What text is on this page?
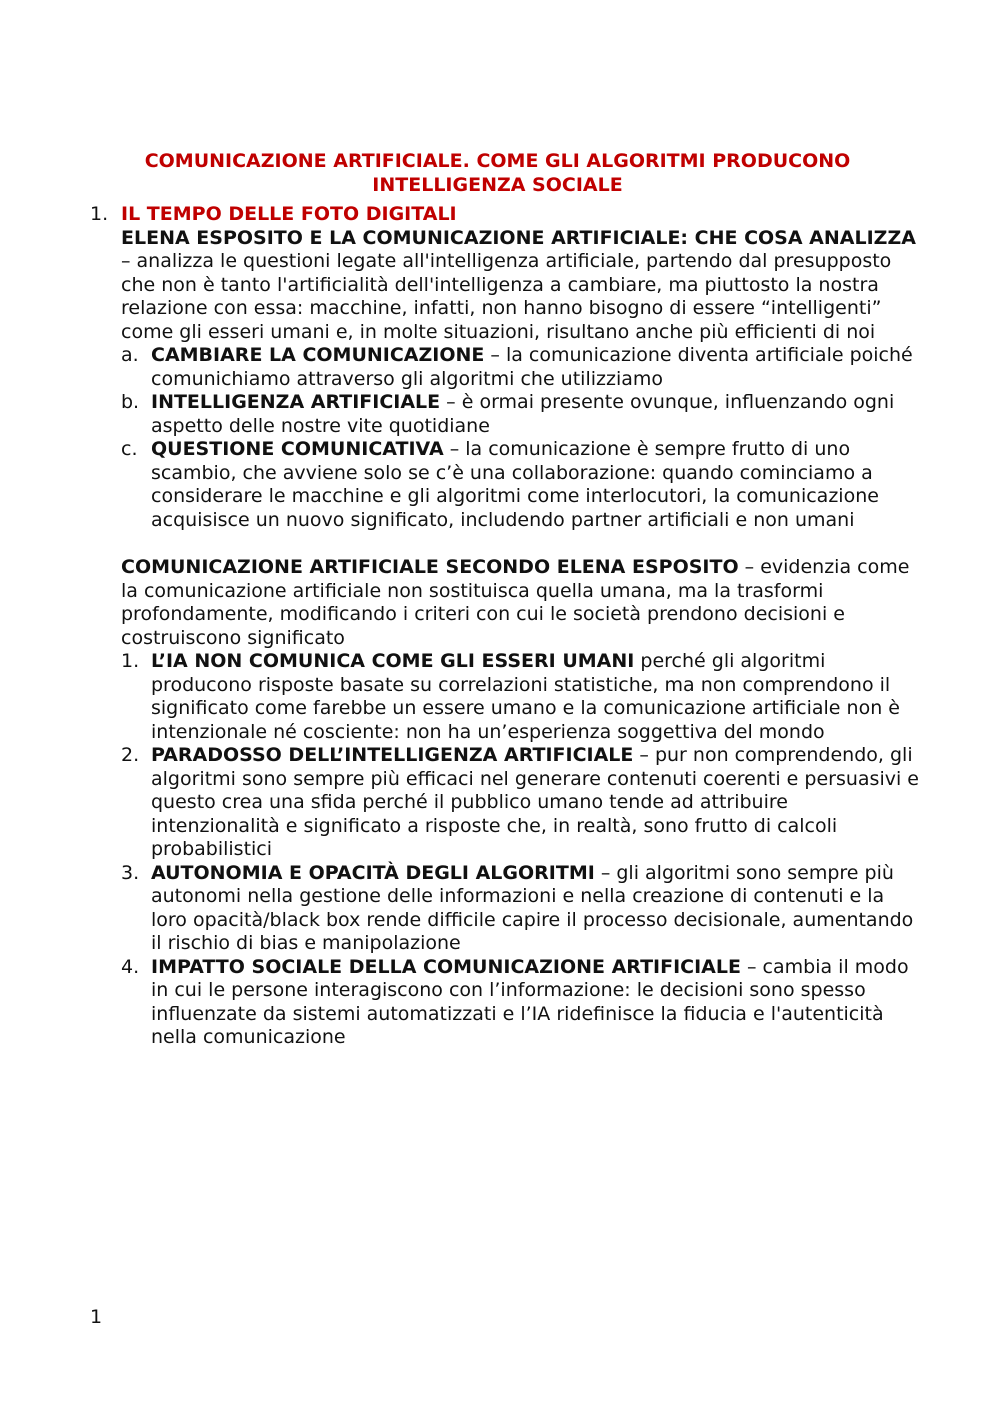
COMUNICAZIONE ARTIFICIALE. COME GLI ALGORITMI PRODUCONO INTELLIGENZA SOCIALE
1. IL TEMPO DELLE FOTO DIGITALI

ELENA ESPOSITO E LA COMUNICAZIONE ARTIFICIALE: CHE COSA ANALIZZA – analizza le questioni legate all'intelligenza artificiale, partendo dal presupposto che non è tanto l'artificialità dell'intelligenza a cambiare, ma piuttosto la nostra relazione con essa: macchine, infatti, non hanno bisogno di essere “intelligenti” come gli esseri umani e, in molte situazioni, risultano anche più efficienti di noi

a. CAMBIARE LA COMUNICAZIONE – la comunicazione diventa artificiale poiché comunichiamo attraverso gli algoritmi che utilizziamo
b. INTELLIGENZA ARTIFICIALE – è ormai presente ovunque, influenzando ogni aspetto delle nostre vite quotidiane
c. QUESTIONE COMUNICATIVA – la comunicazione è sempre frutto di uno scambio, che avviene solo se c’è una collaborazione: quando cominciamo a considerare le macchine e gli algoritmi come interlocutori, la comunicazione acquisisce un nuovo significato, includendo partner artificiali e non umani

COMUNICAZIONE ARTIFICIALE SECONDO ELENA ESPOSITO – evidenzia come la comunicazione artificiale non sostituisca quella umana, ma la trasformi profondamente, modificando i criteri con cui le società prendono decisioni e costruiscono significato

1. L’IA NON COMUNICA COME GLI ESSERI UMANI perché gli algoritmi producono risposte basate su correlazioni statistiche, ma non comprendono il significato come farebbe un essere umano e la comunicazione artificiale non è intenzionale né cosciente: non ha un’esperienza soggettiva del mondo
2. PARADOSSO DELL’INTELLIGENZA ARTIFICIALE – pur non comprendendo, gli algoritmi sono sempre più efficaci nel generare contenuti coerenti e persuasivi e questo crea una sfida perché il pubblico umano tende ad attribuire intenzionalità e significato a risposte che, in realtà, sono frutto di calcoli probabilistici
3. AUTONOMIA E OPACITÀ DEGLI ALGORITMI – gli algoritmi sono sempre più autonomi nella gestione delle informazioni e nella creazione di contenuti e la loro opacità/black box rende difficile capire il processo decisionale, aumentando il rischio di bias e manipolazione
4. IMPATTO SOCIALE DELLA COMUNICAZIONE ARTIFICIALE – cambia il modo in cui le persone interagiscono con l’informazione: le decisioni sono spesso influenzate da sistemi automatizzati e l’IA ridefinisce la fiducia e l'autenticità nella comunicazione
1
